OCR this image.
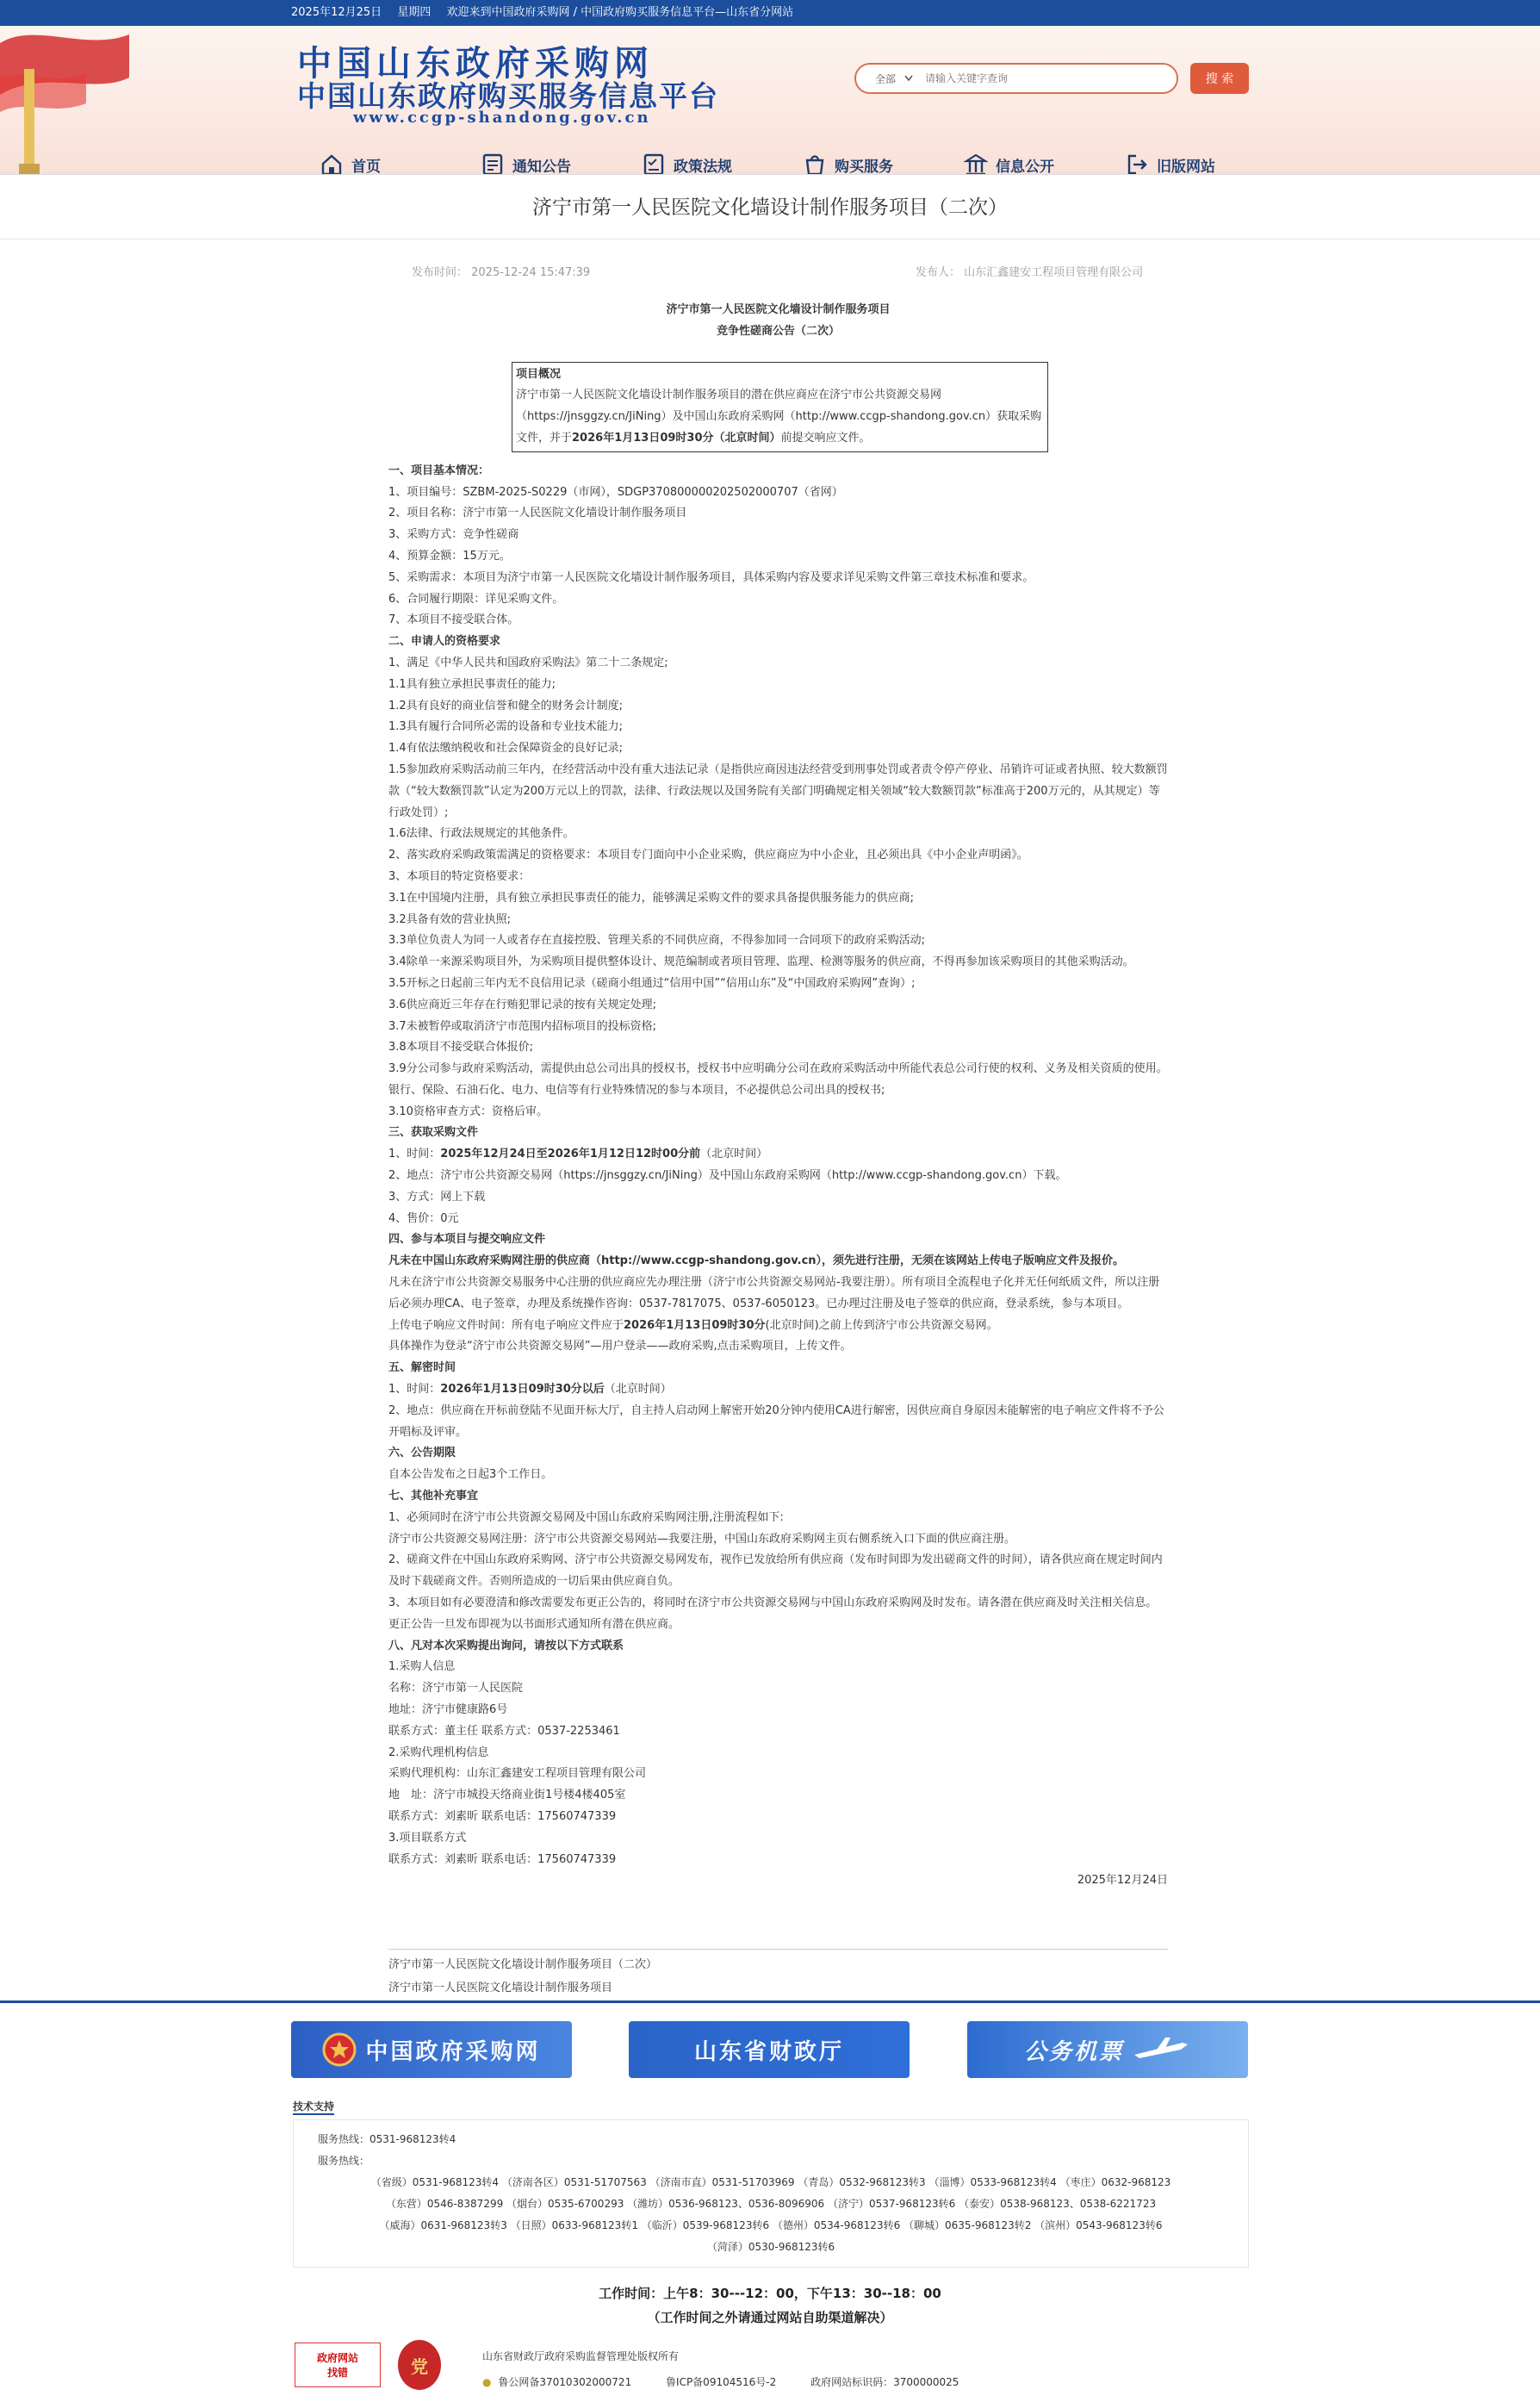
2025年12月25日 星期四 欢迎来到中国政府采购网 / 中国政府购买服务信息平台—山东省分网站
中国山东政府采购网
中国山东政府购买服务信息平台
www.ccgp-shandong.gov.cn
全部
请输入关键字查询	搜 索
首页	通知公告	政策法规	购买服务	信息公开	旧版网站
济宁市第一人民医院文化墙设计制作服务项目（二次）
发布时间： 2025-12-24 15:47:39	发布人： 山东汇鑫建安工程项目管理有限公司

济宁市第一人民医院文化墙设计制作服务项目

竞争性磋商公告（二次）

项目概况

济宁市第一人民医院文化墙设计制作服务项目的潜在供应商应在济宁市公共资源交易网（https://jnsggzy.cn/JiNing）及中国山东政府采购网（http://www.ccgp-shandong.gov.cn）获取采购文件，并于2026年1月13日09时30分（北京时间）前提交响应文件。

一、项目基本情况：

1、项目编号：SZBM-2025-S0229（市网），SDGP370800000202502000707（省网）

2、项目名称：济宁市第一人民医院文化墙设计制作服务项目

3、采购方式：竞争性磋商

4、预算金额：15万元。

5、采购需求：本项目为济宁市第一人民医院文化墙设计制作服务项目，具体采购内容及要求详见采购文件第三章技术标准和要求。

6、合同履行期限：详见采购文件。

7、本项目不接受联合体。

二、申请人的资格要求

1、满足《中华人民共和国政府采购法》第二十二条规定;

1.1具有独立承担民事责任的能力;

1.2具有良好的商业信誉和健全的财务会计制度;

1.3具有履行合同所必需的设备和专业技术能力;

1.4有依法缴纳税收和社会保障资金的良好记录;

1.5参加政府采购活动前三年内，在经营活动中没有重大违法记录（是指供应商因违法经营受到刑事处罚或者责令停产停业、吊销许可证或者执照、较大数额罚款（“较大数额罚款”认定为200万元以上的罚款，法律、行政法规以及国务院有关部门明确规定相关领域“较大数额罚款”标准高于200万元的，从其规定）等行政处罚）;

1.6法律、行政法规规定的其他条件。

2、落实政府采购政策需满足的资格要求：本项目专门面向中小企业采购，供应商应为中小企业，且必须出具《中小企业声明函》。

3、本项目的特定资格要求：

3.1在中国境内注册，具有独立承担民事责任的能力，能够满足采购文件的要求具备提供服务能力的供应商;

3.2具备有效的营业执照;

3.3单位负责人为同一人或者存在直接控股、管理关系的不同供应商，不得参加同一合同项下的政府采购活动;

3.4除单一来源采购项目外，为采购项目提供整体设计、规范编制或者项目管理、监理、检测等服务的供应商，不得再参加该采购项目的其他采购活动。

3.5开标之日起前三年内无不良信用记录（磋商小组通过“信用中国”“信用山东”及“中国政府采购网”查询）;

3.6供应商近三年存在行贿犯罪记录的按有关规定处理;

3.7未被暂停或取消济宁市范围内招标项目的投标资格;

3.8本项目不接受联合体报价;

3.9分公司参与政府采购活动，需提供由总公司出具的授权书，授权书中应明确分公司在政府采购活动中所能代表总公司行使的权利、义务及相关资质的使用。银行、保险、石油石化、电力、电信等有行业特殊情况的参与本项目，不必提供总公司出具的授权书;

3.10资格审查方式：资格后审。

三、获取采购文件

1、时间：2025年12月24日至2026年1月12日12时00分前（北京时间）

2、地点：济宁市公共资源交易网（https://jnsggzy.cn/JiNing）及中国山东政府采购网（http://www.ccgp-shandong.gov.cn）下载。

3、方式：网上下载

4、售价：0元

四、参与本项目与提交响应文件

凡未在中国山东政府采购网注册的供应商（http://www.ccgp-shandong.gov.cn），须先进行注册，无须在该网站上传电子版响应文件及报价。

凡未在济宁市公共资源交易服务中心注册的供应商应先办理注册（济宁市公共资源交易网站-我要注册）。所有项目全流程电子化并无任何纸质文件，所以注册后必须办理CA、电子签章，办理及系统操作咨询：0537-7817075、0537-6050123。已办理过注册及电子签章的供应商，登录系统，参与本项目。

上传电子响应文件时间：所有电子响应文件应于2026年1月13日09时30分(北京时间)之前上传到济宁市公共资源交易网。

具体操作为登录“济宁市公共资源交易网”—用户登录——政府采购,点击采购项目，上传文件。

五、解密时间

1、时间：2026年1月13日09时30分以后（北京时间）

2、地点：供应商在开标前登陆不见面开标大厅，自主持人启动网上解密开始20分钟内使用CA进行解密，因供应商自身原因未能解密的电子响应文件将不予公开唱标及评审。

六、公告期限

自本公告发布之日起3个工作日。

七、其他补充事宜

1、必须同时在济宁市公共资源交易网及中国山东政府采购网注册,注册流程如下:

济宁市公共资源交易网注册：济宁市公共资源交易网站—我要注册，中国山东政府采购网主页右侧系统入口下面的供应商注册。

2、磋商文件在中国山东政府采购网、济宁市公共资源交易网发布，视作已发放给所有供应商（发布时间即为发出磋商文件的时间），请各供应商在规定时间内及时下载磋商文件。否则所造成的一切后果由供应商自负。

3、本项目如有必要澄清和修改需要发布更正公告的，将同时在济宁市公共资源交易网与中国山东政府采购网及时发布。请各潜在供应商及时关注相关信息。更正公告一旦发布即视为以书面形式通知所有潜在供应商。

八、凡对本次采购提出询问，请按以下方式联系

1.采购人信息

名称：济宁市第一人民医院

地址：济宁市健康路6号

联系方式：董主任 联系方式：0537-2253461

2.采购代理机构信息

采购代理机构：山东汇鑫建安工程项目管理有限公司

地　址：济宁市城投天络商业街1号楼4楼405室

联系方式：刘素昕 联系电话：17560747339

3.项目联系方式

联系方式：刘素昕 联系电话：17560747339

2025年12月24日

济宁市第一人民医院文化墙设计制作服务项目（二次）

济宁市第一人民医院文化墙设计制作服务项目

中国政府采购网	山东省财政厅	公务机票
技术支持

服务热线：0531-968123转4

服务热线：

（省级）0531-968123转4 （济南各区）0531-51707563 （济南市直）0531-51703969 （青岛）0532-968123转3 （淄博）0533-968123转4 （枣庄）0632-968123

（东营）0546-8387299 （烟台）0535-6700293 （潍坊）0536-968123、0536-8096906 （济宁）0537-968123转6 （泰安）0538-968123、0538-6221723

（威海）0631-968123转3 （日照）0633-968123转1 （临沂）0539-968123转6 （德州）0534-968123转6 （聊城）0635-968123转2 （滨州）0543-968123转6

（菏泽）0530-968123转6

工作时间：上午8：30---12：00，下午13：30--18：00

（工作时间之外请通过网站自助渠道解决）

政府网站
找错	党	山东省财政厅政府采购监督管理处版权所有

● 鲁公网备37010302000721	鲁ICP备09104516号-2	政府网站标识码：3700000025
